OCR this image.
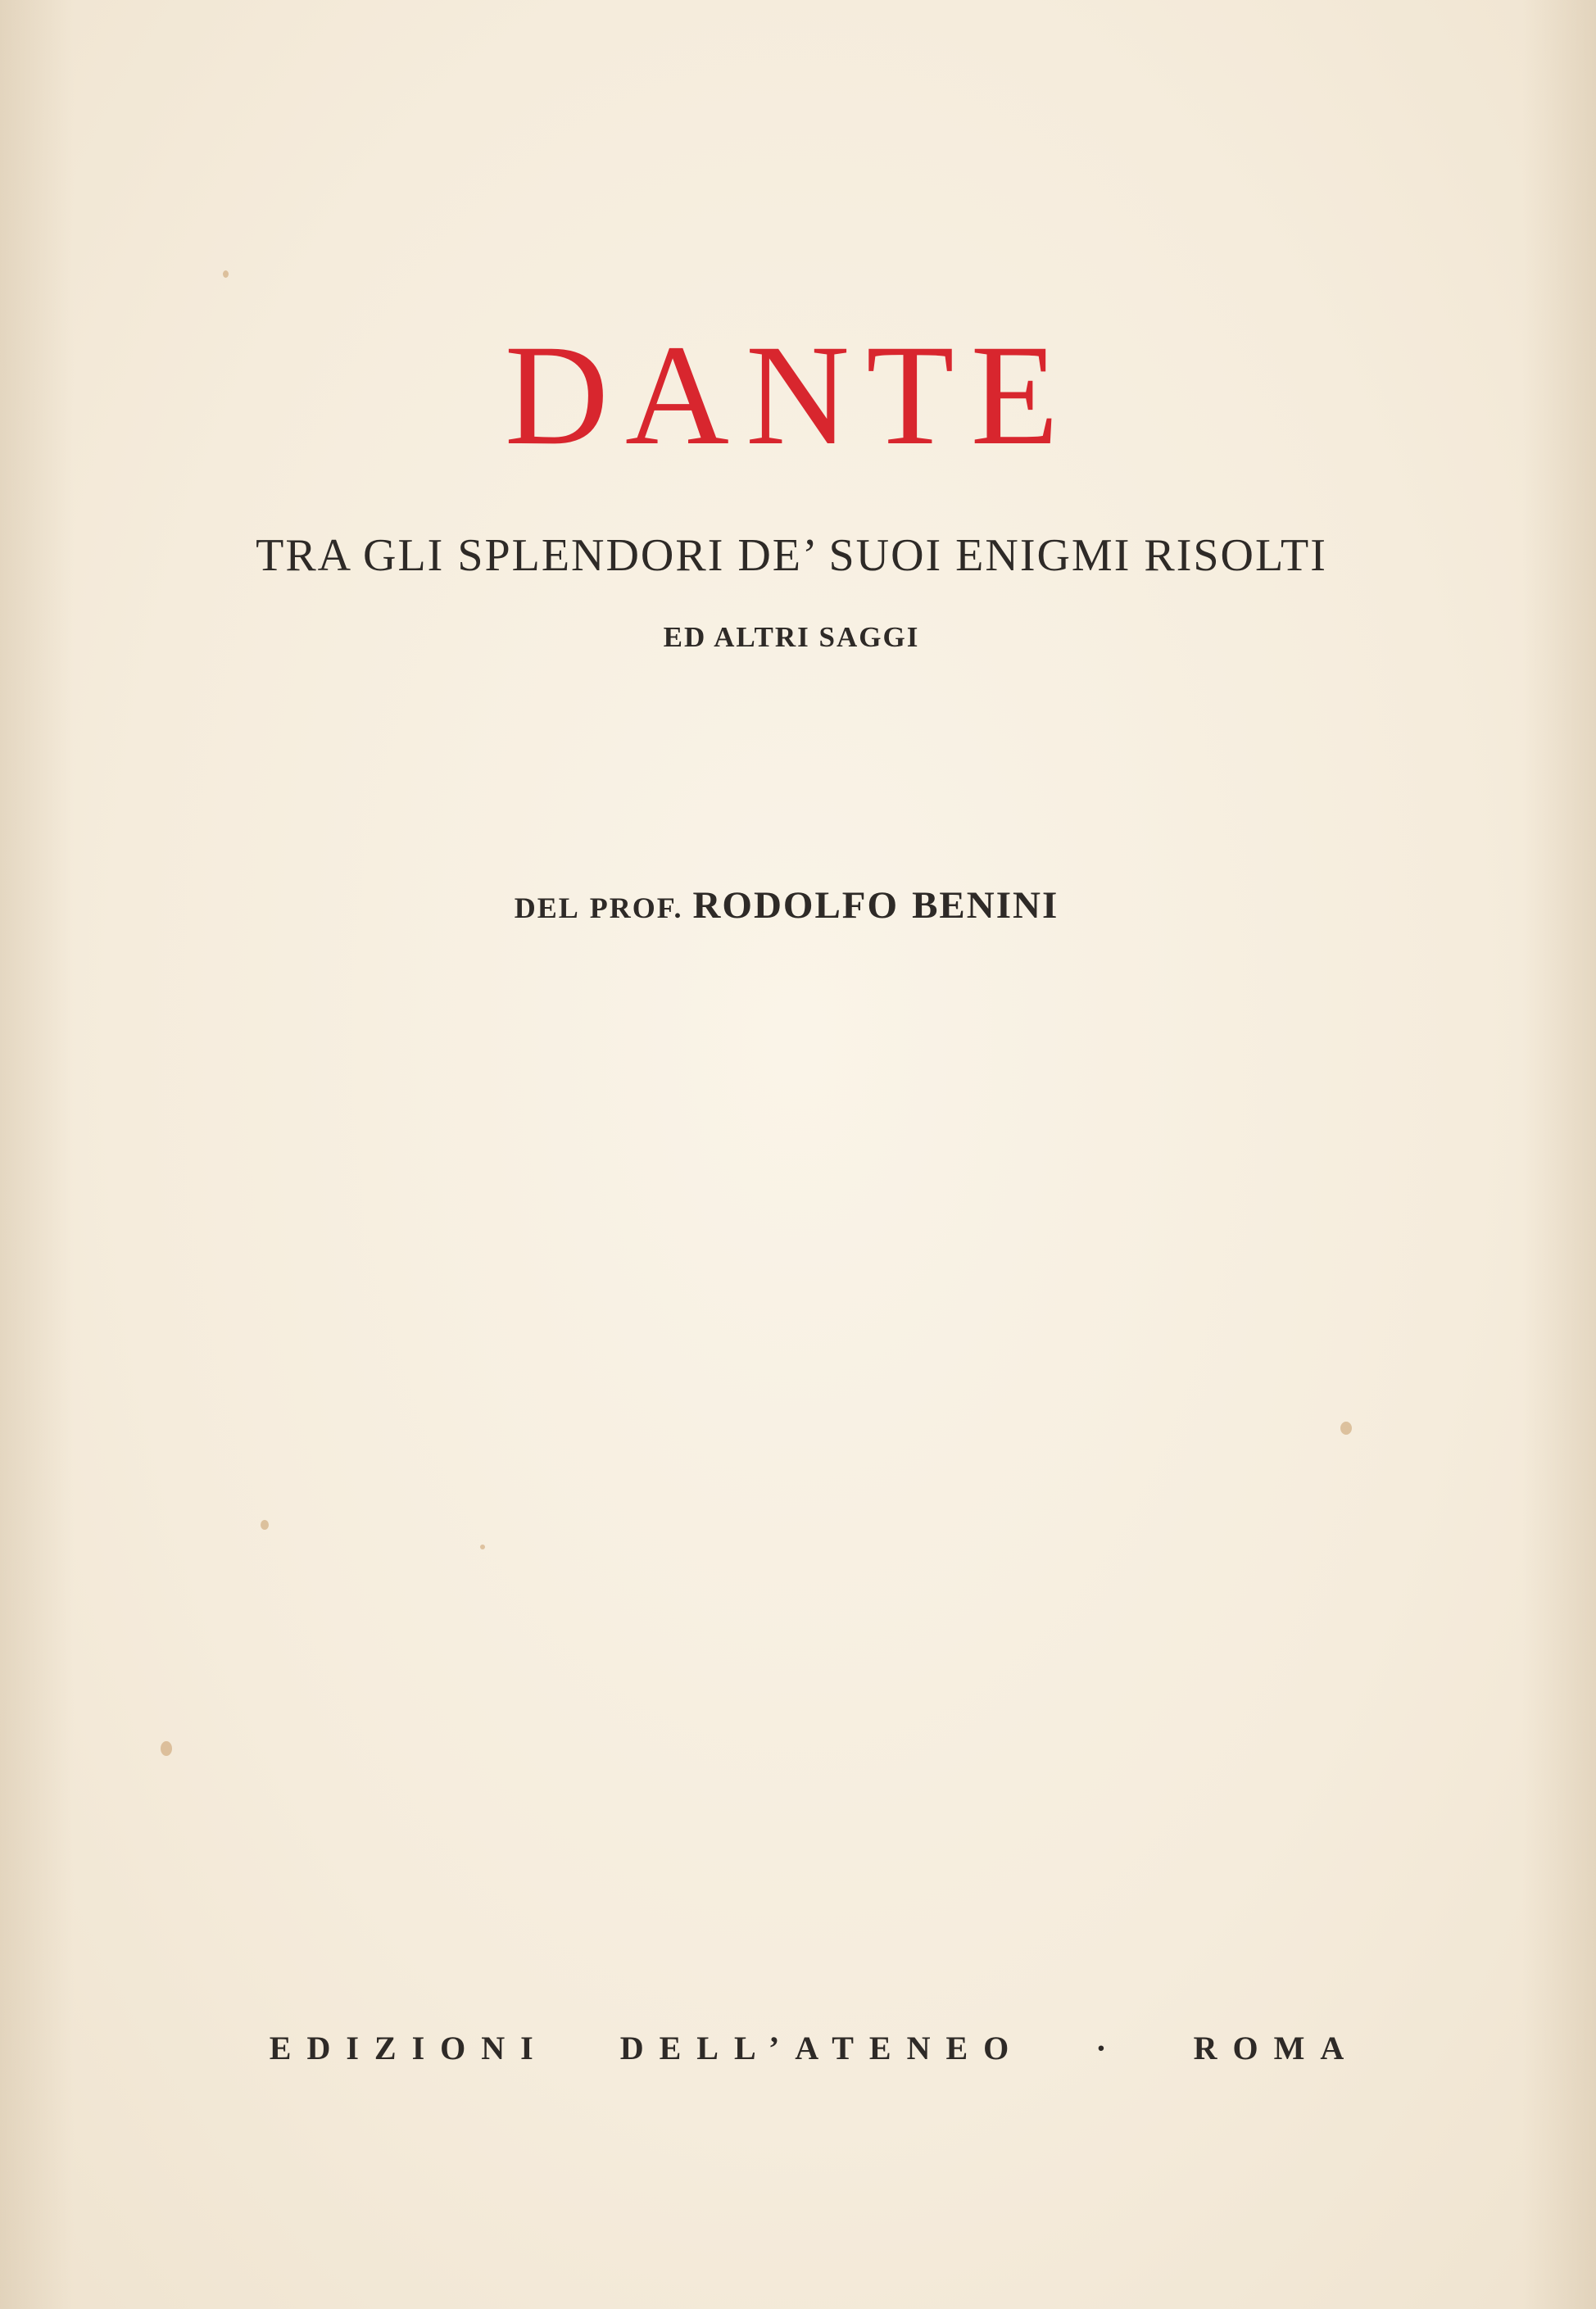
DANTE
TRA GLI SPLENDORI DE’ SUOI ENIGMI RISOLTI
ED ALTRI SAGGI
DEL PROF. RODOLFO BENINI
EDIZIONI DELL’ATENEO · ROMA
